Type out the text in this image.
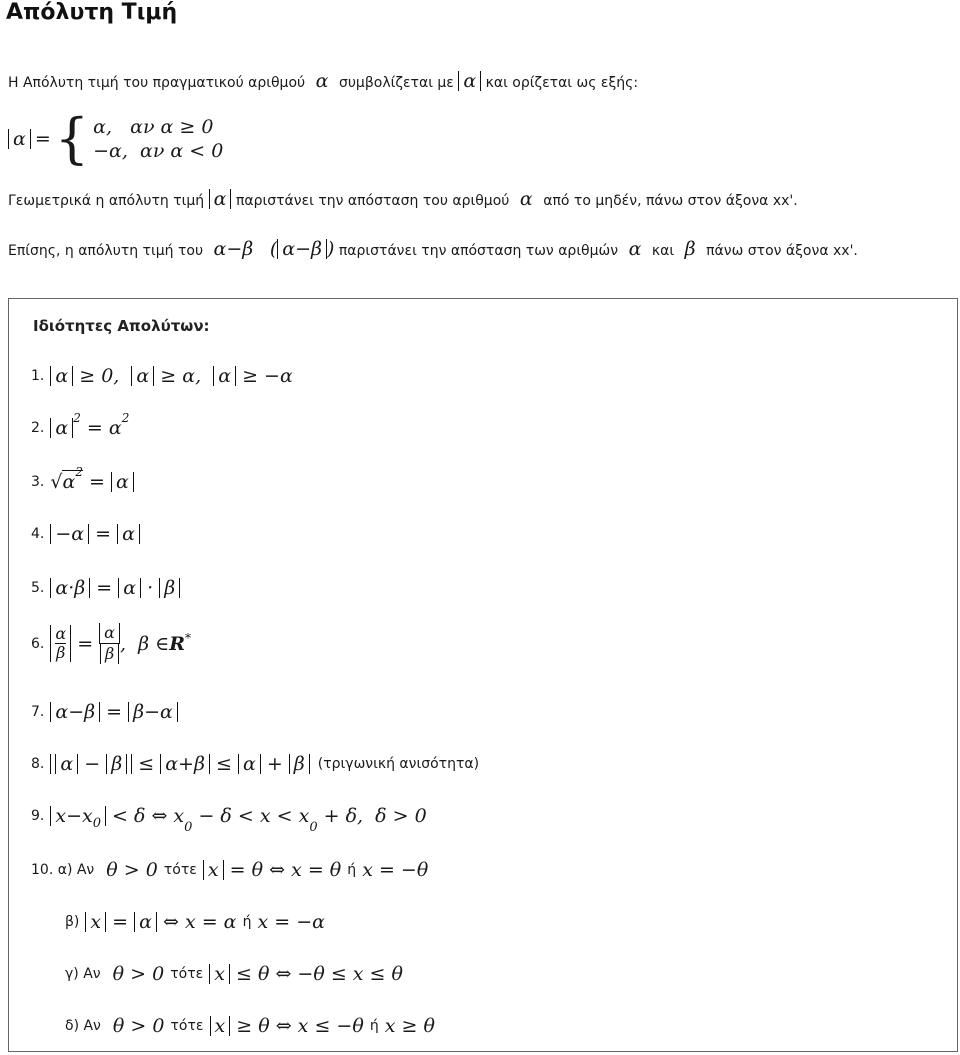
Απόλυτη Τιμή
Η Απόλυτη τιμή του πραγματικού αριθμού  α  συμβολίζεται με α και ορίζεται ως εξής:
α = { α, αν α ≥ 0
−α, αν α < 0
Γεωμετρικά η απόλυτη τιμή α παριστάνει την απόσταση του αριθμού  α  από το μηδέν, πάνω στον άξονα xx'.
Επίσης, η απόλυτη τιμή του  α−β   ( α−β ) παριστάνει την απόσταση των αριθμών  α  και  β  πάνω στον άξονα xx'.
Ιδιότητες Απολύτων:
1. α ≥ 0,  α ≥ α,  α ≥ −α
2. α $^2 = \alpha^2$
3. $√\alpha^2 = \alpha$
4. −α = α
5. α·β = α · β
6. $\frac{\alpha}{\beta} = \frac{\alpha}{\beta}$ ,  β ∈ R *
7. α−β = β−α
8. α − β ≤ α+β ≤ α + β (τριγωνική ανισότητα)
9. $x-x_0 < \delta$ ⇔ $x_0 - \delta < x < x_0 + \delta$,  δ > 0
10. α) Αν θ > 0 τότε x = θ ⇔ x = θ ή x = −θ
β) x = α ⇔ x = α ή x = −α
γ) Αν θ > 0 τότε x ≤ θ ⇔ −θ ≤ x ≤ θ
δ) Αν θ > 0 τότε x ≥ θ ⇔ x ≤ −θ ή x ≥ θ
